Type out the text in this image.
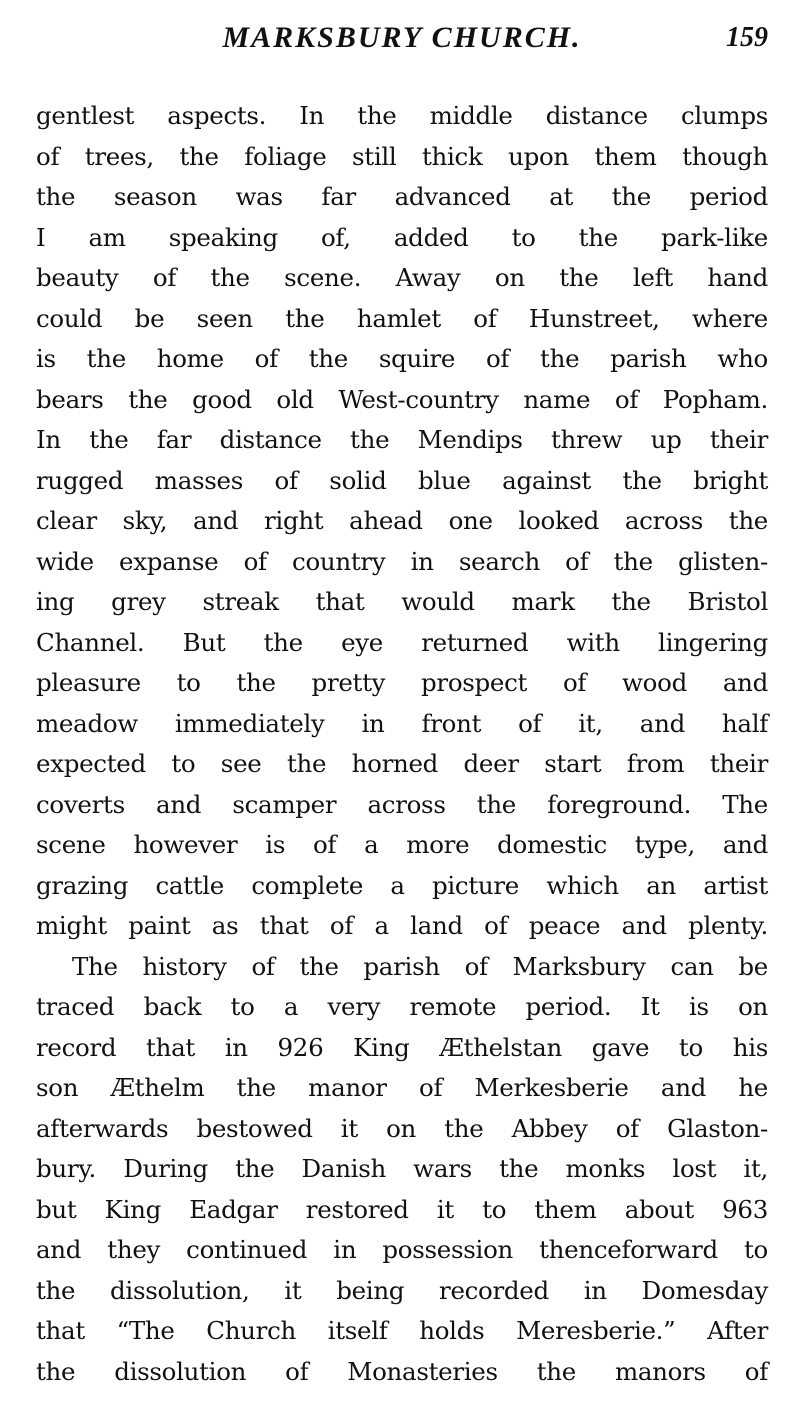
MARKSBURY CHURCH.	159
gentlest aspects. In the middle distance clumps
of trees, the foliage still thick upon them though
the season was far advanced at the period
I am speaking of, added to the park-like
beauty of the scene. Away on the left hand
could be seen the hamlet of Hunstreet, where
is the home of the squire of the parish who
bears the good old West-country name of Popham.
In the far distance the Mendips threw up their
rugged masses of solid blue against the bright
clear sky, and right ahead one looked across the
wide expanse of country in search of the glisten-
ing grey streak that would mark the Bristol
Channel. But the eye returned with lingering
pleasure to the pretty prospect of wood and
meadow immediately in front of it, and half
expected to see the horned deer start from their
coverts and scamper across the foreground. The
scene however is of a more domestic type, and
grazing cattle complete a picture which an artist
might paint as that of a land of peace and plenty.
The history of the parish of Marksbury can be
traced back to a very remote period. It is on
record that in 926 King Æthelstan gave to his
son Æthelm the manor of Merkesberie and he
afterwards bestowed it on the Abbey of Glaston-
bury. During the Danish wars the monks lost it,
but King Eadgar restored it to them about 963
and they continued in possession thenceforward to
the dissolution, it being recorded in Domesday
that “The Church itself holds Meresberie.” After
the dissolution of Monasteries the manors of
